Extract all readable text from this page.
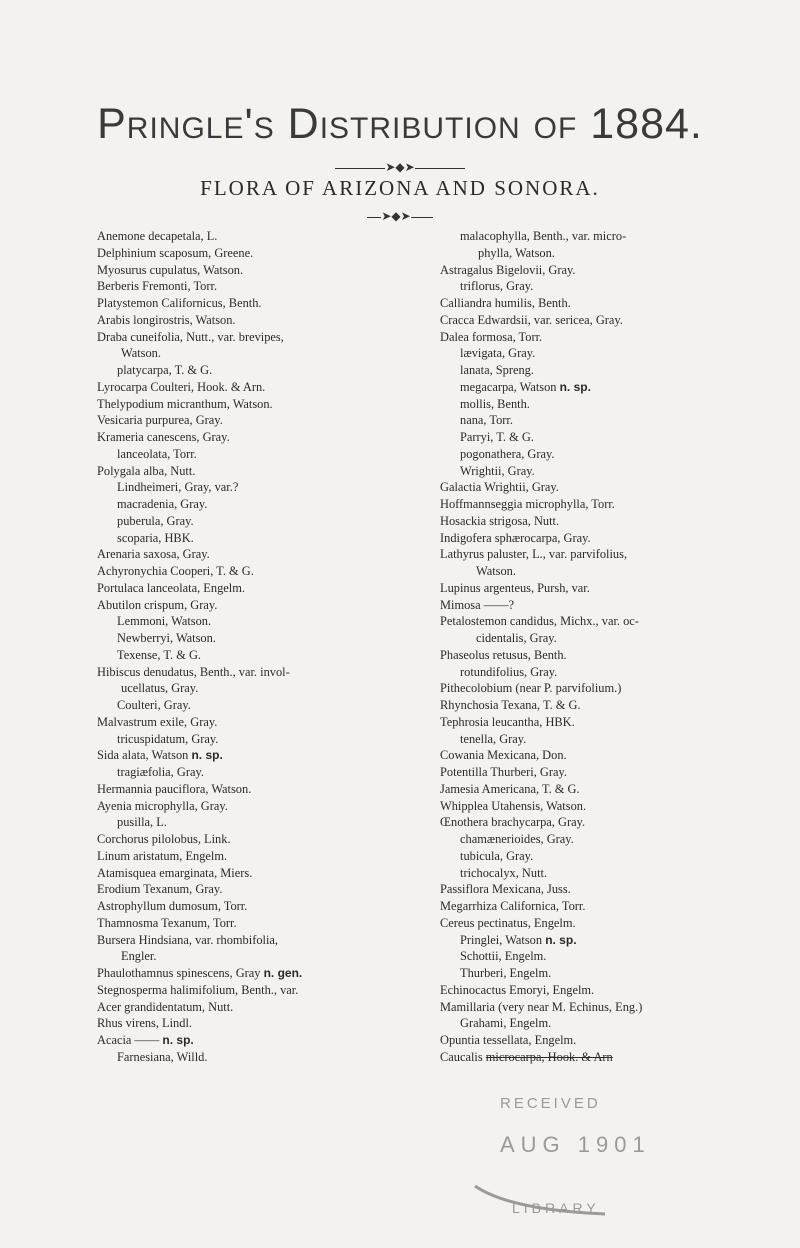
Pringle's Distribution of 1884.
➤◆➤
FLORA OF ARIZONA AND SONORA.
➤◆➤
Anemone decapetala, L.
Delphinium scaposum, Greene.
Myosurus cupulatus, Watson.
Berberis Fremonti, Torr.
Platystemon Californicus, Benth.
Arabis longirostris, Watson.
Draba cuneifolia, Nutt., var. brevipes,
Watson.
platycarpa, T. & G.
Lyrocarpa Coulteri, Hook. & Arn.
Thelypodium micranthum, Watson.
Vesicaria purpurea, Gray.
Krameria canescens, Gray.
lanceolata, Torr.
Polygala alba, Nutt.
Lindheimeri, Gray, var.?
macradenia, Gray.
puberula, Gray.
scoparia, HBK.
Arenaria saxosa, Gray.
Achyronychia Cooperi, T. & G.
Portulaca lanceolata, Engelm.
Abutilon crispum, Gray.
Lemmoni, Watson.
Newberryi, Watson.
Texense, T. & G.
Hibiscus denudatus, Benth., var. invol-
ucellatus, Gray.
Coulteri, Gray.
Malvastrum exile, Gray.
tricuspidatum, Gray.
Sida alata, Watson n. sp.
tragiæfolia, Gray.
Hermannia pauciflora, Watson.
Ayenia microphylla, Gray.
pusilla, L.
Corchorus pilolobus, Link.
Linum aristatum, Engelm.
Atamisquea emarginata, Miers.
Erodium Texanum, Gray.
Astrophyllum dumosum, Torr.
Thamnosma Texanum, Torr.
Bursera Hindsiana, var. rhombifolia,
Engler.
Phaulothamnus spinescens, Gray n. gen.
Stegnosperma halimifolium, Benth., var.
Acer grandidentatum, Nutt.
Rhus virens, Lindl.
Acacia —— n. sp.
Farnesiana, Willd.
malacophylla, Benth., var. micro-
phylla, Watson.
Astragalus Bigelovii, Gray.
triflorus, Gray.
Calliandra humilis, Benth.
Cracca Edwardsii, var. sericea, Gray.
Dalea formosa, Torr.
lævigata, Gray.
lanata, Spreng.
megacarpa, Watson n. sp.
mollis, Benth.
nana, Torr.
Parryi, T. & G.
pogonathera, Gray.
Wrightii, Gray.
Galactia Wrightii, Gray.
Hoffmannseggia microphylla, Torr.
Hosackia strigosa, Nutt.
Indigofera sphærocarpa, Gray.
Lathyrus paluster, L., var. parvifolius,
Watson.
Lupinus argenteus, Pursh, var.
Mimosa ——?
Petalostemon candidus, Michx., var. oc-
cidentalis, Gray.
Phaseolus retusus, Benth.
rotundifolius, Gray.
Pithecolobium (near P. parvifolium.)
Rhynchosia Texana, T. & G.
Tephrosia leucantha, HBK.
tenella, Gray.
Cowania Mexicana, Don.
Potentilla Thurberi, Gray.
Jamesia Americana, T. & G.
Whipplea Utahensis, Watson.
Œnothera brachycarpa, Gray.
chamænerioides, Gray.
tubicula, Gray.
trichocalyx, Nutt.
Passiflora Mexicana, Juss.
Megarrhiza Californica, Torr.
Cereus pectinatus, Engelm.
Pringlei, Watson n. sp.
Schottii, Engelm.
Thurberi, Engelm.
Echinocactus Emoryi, Engelm.
Mamillaria (very near M. Echinus, Eng.)
Grahami, Engelm.
Opuntia tessellata, Engelm.
Caucalis microcarpa, Hook. & Arn
RECEIVED
AUG 1901
LIBRARY
